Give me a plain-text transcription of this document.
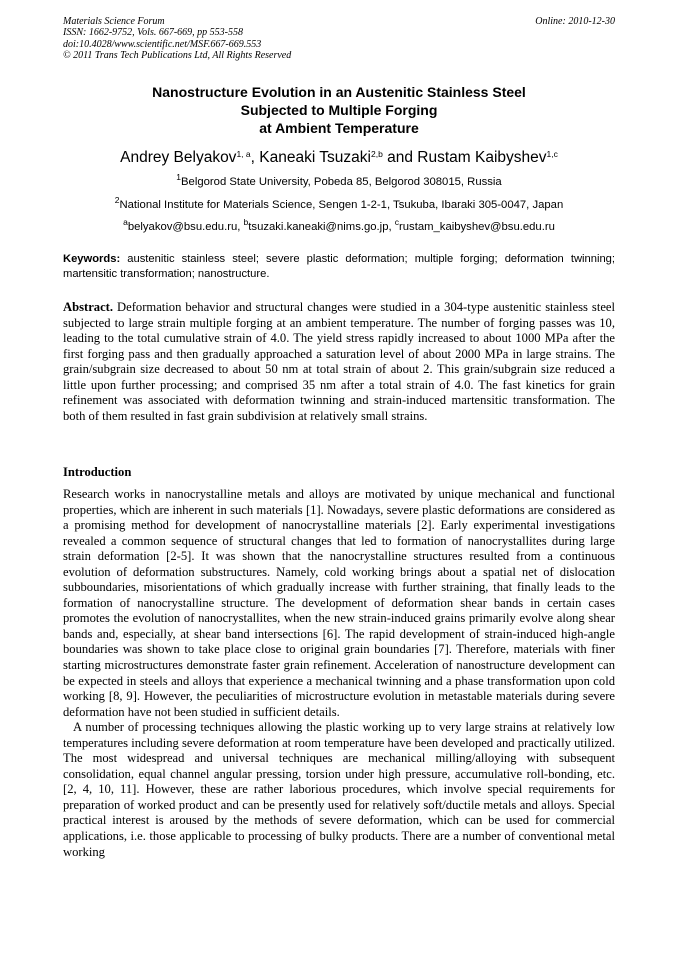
Materials Science Forum
ISSN: 1662-9752, Vols. 667-669, pp 553-558
doi:10.4028/www.scientific.net/MSF.667-669.553
© 2011 Trans Tech Publications Ltd, All Rights Reserved
Online: 2010-12-30
Nanostructure Evolution in an Austenitic Stainless Steel
Subjected to Multiple Forging
at Ambient Temperature
Andrey Belyakov$^{1, a}$, Kaneaki Tsuzaki$^{2,b}$ and Rustam Kaibyshev$^{1,c}$
$^1$Belgorod State University, Pobeda 85, Belgorod 308015, Russia
$^2$National Institute for Materials Science, Sengen 1-2-1, Tsukuba, Ibaraki 305-0047, Japan
$^a$belyakov@bsu.edu.ru, $^b$tsuzaki.kaneaki@nims.go.jp, $^c$rustam_kaibyshev@bsu.edu.ru
Keywords: austenitic stainless steel; severe plastic deformation; multiple forging; deformation twinning; martensitic transformation; nanostructure.
Abstract. Deformation behavior and structural changes were studied in a 304-type austenitic stainless steel subjected to large strain multiple forging at an ambient temperature. The number of forging passes was 10, leading to the total cumulative strain of 4.0. The yield stress rapidly increased to about 1000 MPa after the first forging pass and then gradually approached a saturation level of about 2000 MPa in large strains. The grain/subgrain size decreased to about 50 nm at total strain of about 2. This grain/subgrain size reduced a little upon further processing; and comprised 35 nm after a total strain of 4.0. The fast kinetics for grain refinement was associated with deformation twinning and strain-induced martensitic transformation. The both of them resulted in fast grain subdivision at relatively small strains.
Introduction

Research works in nanocrystalline metals and alloys are motivated by unique mechanical and functional properties, which are inherent in such materials [1]. Nowadays, severe plastic deformations are considered as a promising method for development of nanocrystalline materials [2]. Early experimental investigations revealed a common sequence of structural changes that led to formation of nanocrystallites during large strain deformation [2-5]. It was shown that the nanocrystalline structures resulted from a continuous evolution of deformation substructures. Namely, cold working brings about a spatial net of dislocation subboundaries, misorientations of which gradually increase with further straining, that finally leads to the formation of nanocrystalline structure. The development of deformation shear bands in certain cases promotes the evolution of nanocrystallites, when the new strain-induced grains primarily evolve along shear bands and, especially, at shear band intersections [6]. The rapid development of strain-induced high-angle boundaries was shown to take place close to original grain boundaries [7]. Therefore, materials with finer starting microstructures demonstrate faster grain refinement. Acceleration of nanostructure development can be expected in steels and alloys that experience a mechanical twinning and a phase transformation upon cold working [8, 9]. However, the peculiarities of microstructure evolution in metastable materials during severe deformation have not been studied in sufficient details.

A number of processing techniques allowing the plastic working up to very large strains at relatively low temperatures including severe deformation at room temperature have been developed and practically utilized. The most widespread and universal techniques are mechanical milling/alloying with subsequent consolidation, equal channel angular pressing, torsion under high pressure, accumulative roll-bonding, etc. [2, 4, 10, 11]. However, these are rather laborious procedures, which involve special requirements for preparation of worked product and can be presently used for relatively soft/ductile metals and alloys. Special practical interest is aroused by the methods of severe deformation, which can be used for commercial applications, i.e. those applicable to processing of bulky products. There are a number of conventional metal working
